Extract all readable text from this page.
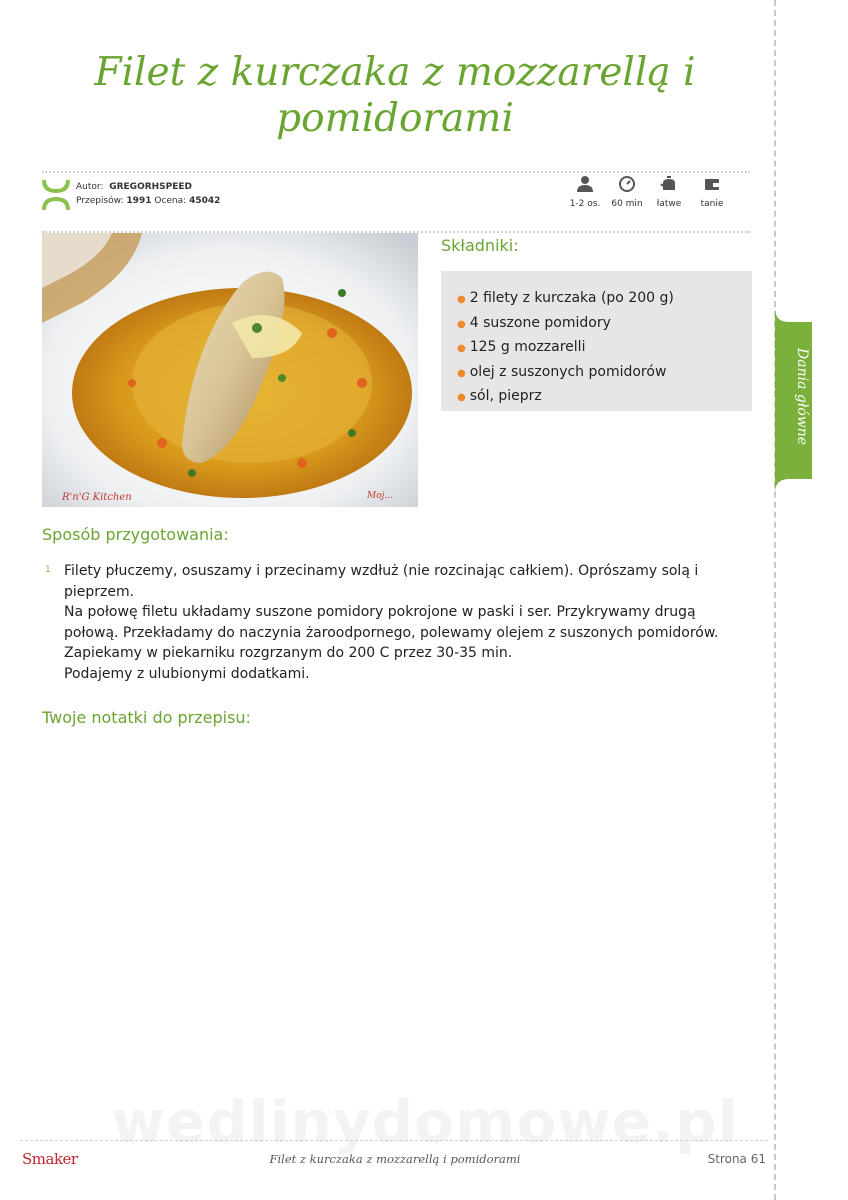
Filet z kurczaka z mozzarellą i pomidorami
Autor: GREGORHSPEED
Przepisów: 1991 Ocena: 45042	1-2 os.	60 min	łatwe	tanie
R'n'G Kitchen	Moj...
Składniki:
● 2 filety z kurczaka (po 200 g)
● 4 suszone pomidory
● 125 g mozzarelli
● olej z suszonych pomidorów
● sól, pieprz
Sposób przygotowania:
1 Filety płuczemy, osuszamy i przecinamy wzdłuż (nie rozcinając całkiem). Oprószamy solą i
pieprzem.
Na połowę filetu układamy suszone pomidory pokrojone w paski i ser. Przykrywamy drugą
połową. Przekładamy do naczynia żaroodpornego, polewamy olejem z suszonych pomidorów.
Zapiekamy w piekarniku rozgrzanym do 200 C przez 30-35 min.
Podajemy z ulubionymi dodatkami.
Twoje notatki do przepisu:
Dania główne
wedlinydomowe.pl
Smaker	Filet z kurczaka z mozzarellą i pomidorami	Strona 61
